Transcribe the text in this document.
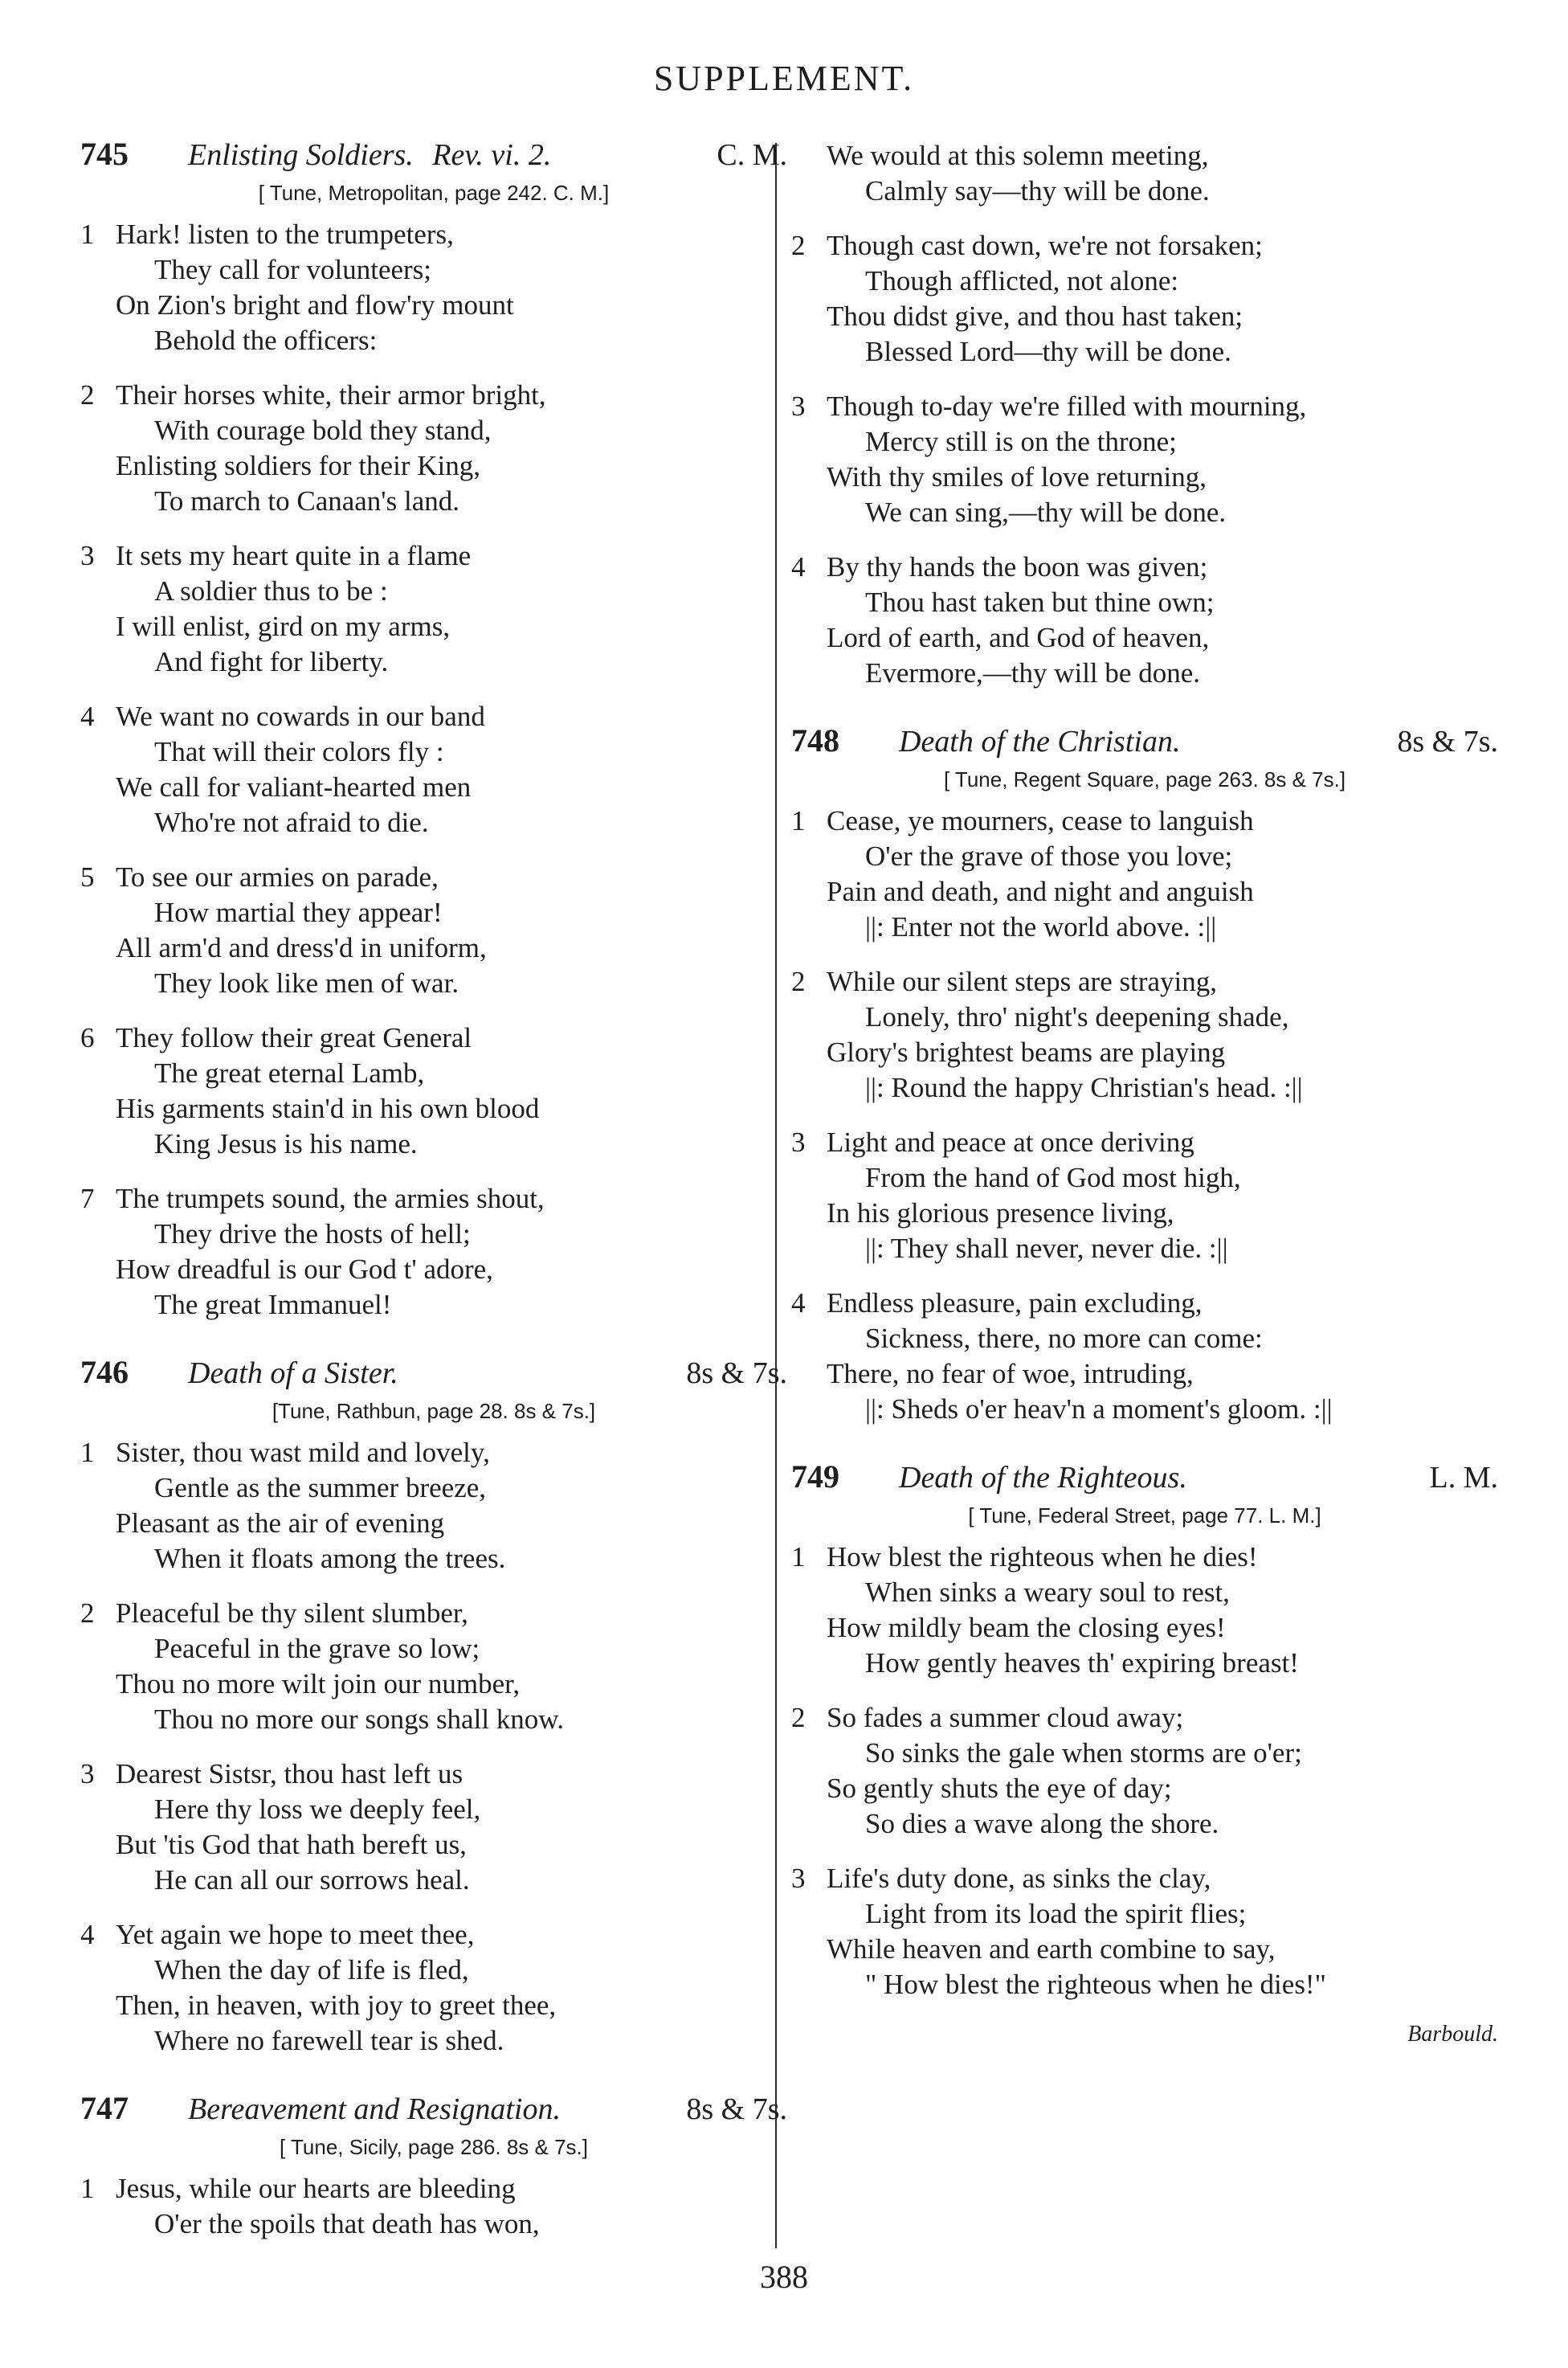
SUPPLEMENT.
745	Enlisting Soldiers. Rev. vi. 2.	C. M.
[ Tune, Metropolitan, page 242. C. M.]
1 Hark! listen to the trumpeters,
They call for volunteers;
On Zion's bright and flow'ry mount
Behold the officers:
2 Their horses white, their armor bright,
With courage bold they stand,
Enlisting soldiers for their King,
To march to Canaan's land.
3 It sets my heart quite in a flame
A soldier thus to be :
I will enlist, gird on my arms,
And fight for liberty.
4 We want no cowards in our band
That will their colors fly :
We call for valiant-hearted men
Who're not afraid to die.
5 To see our armies on parade,
How martial they appear!
All arm'd and dress'd in uniform,
They look like men of war.
6 They follow their great General
The great eternal Lamb,
His garments stain'd in his own blood
King Jesus is his name.
7 The trumpets sound, the armies shout,
They drive the hosts of hell;
How dreadful is our God t' adore,
The great Immanuel!
746	Death of a Sister.	8s & 7s.
[Tune, Rathbun, page 28. 8s & 7s.]
1 Sister, thou wast mild and lovely,
Gentle as the summer breeze,
Pleasant as the air of evening
When it floats among the trees.
2 Pleaceful be thy silent slumber,
Peaceful in the grave so low;
Thou no more wilt join our number,
Thou no more our songs shall know.
3 Dearest Sistsr, thou hast left us
Here thy loss we deeply feel,
But 'tis God that hath bereft us,
He can all our sorrows heal.
4 Yet again we hope to meet thee,
When the day of life is fled,
Then, in heaven, with joy to greet thee,
Where no farewell tear is shed.
747	Bereavement and Resignation.	8s & 7s.
[ Tune, Sicily, page 286. 8s & 7s.]
1 Jesus, while our hearts are bleeding
O'er the spoils that death has won,
We would at this solemn meeting,
Calmly say—thy will be done.
2 Though cast down, we're not forsaken;
Though afflicted, not alone:
Thou didst give, and thou hast taken;
Blessed Lord—thy will be done.
3 Though to-day we're filled with mourning,
Mercy still is on the throne;
With thy smiles of love returning,
We can sing,—thy will be done.
4 By thy hands the boon was given;
Thou hast taken but thine own;
Lord of earth, and God of heaven,
Evermore,—thy will be done.
748	Death of the Christian.	8s & 7s.
[ Tune, Regent Square, page 263. 8s & 7s.]
1 Cease, ye mourners, cease to languish
O'er the grave of those you love;
Pain and death, and night and anguish
||: Enter not the world above. :||
2 While our silent steps are straying,
Lonely, thro' night's deepening shade,
Glory's brightest beams are playing
||: Round the happy Christian's head. :||
3 Light and peace at once deriving
From the hand of God most high,
In his glorious presence living,
||: They shall never, never die. :||
4 Endless pleasure, pain excluding,
Sickness, there, no more can come:
There, no fear of woe, intruding,
||: Sheds o'er heav'n a moment's gloom. :||
749	Death of the Righteous.	L. M.
[ Tune, Federal Street, page 77. L. M.]
1 How blest the righteous when he dies!
When sinks a weary soul to rest,
How mildly beam the closing eyes!
How gently heaves th' expiring breast!
2 So fades a summer cloud away;
So sinks the gale when storms are o'er;
So gently shuts the eye of day;
So dies a wave along the shore.
3 Life's duty done, as sinks the clay,
Light from its load the spirit flies;
While heaven and earth combine to say,
" How blest the righteous when he dies!"
Barbould.
388
